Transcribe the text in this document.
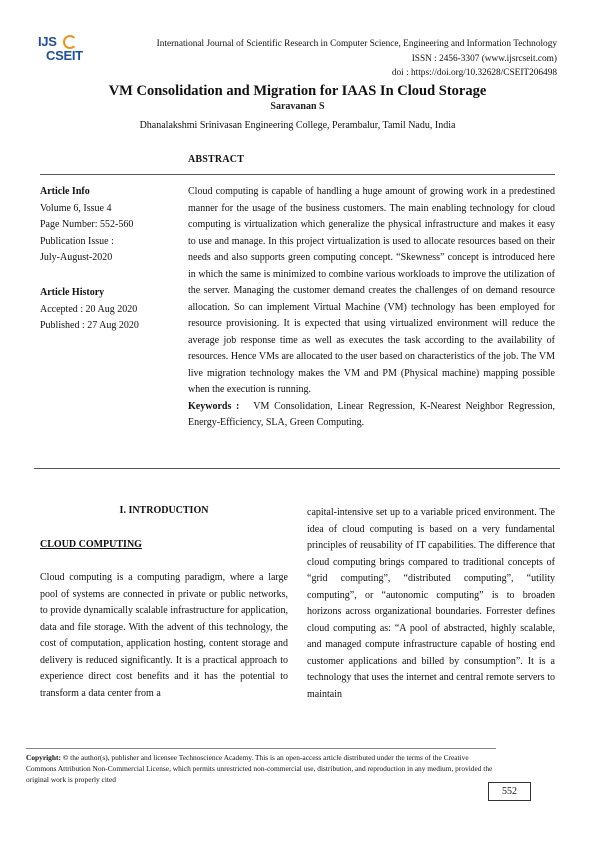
IJS
CSEIT
International Journal of Scientific Research in Computer Science, Engineering and Information Technology
ISSN : 2456-3307 (www.ijsrcseit.com)
doi : https://doi.org/10.32628/CSEIT206498
VM Consolidation and Migration for IAAS In Cloud Storage
Saravanan S
Dhanalakshmi Srinivasan Engineering College, Perambalur, Tamil Nadu, India
ABSTRACT
Article Info
Volume 6, Issue 4
Page Number: 552-560
Publication Issue :
July-August-2020
Article History
Accepted : 20 Aug 2020
Published : 27 Aug 2020

Cloud computing is capable of handling a huge amount of growing work in a predestined manner for the usage of the business customers. The main enabling technology for cloud computing is virtualization which generalize the physical infrastructure and makes it easy to use and manage. In this project virtualization is used to allocate resources based on their needs and also supports green computing concept. “Skewness” concept is introduced here in which the same is minimized to combine various workloads to improve the utilization of the server. Managing the customer demand creates the challenges of on demand resource allocation. So can implement Virtual Machine (VM) technology has been employed for resource provisioning. It is expected that using virtualized environment will reduce the average job response time as well as executes the task according to the availability of resources. Hence VMs are allocated to the user based on characteristics of the job. The VM live migration technology makes the VM and PM (Physical machine) mapping possible when the execution is running.

Keywords : VM Consolidation, Linear Regression, K-Nearest Neighbor Regression, Energy-Efficiency, SLA, Green Computing.

I. INTRODUCTION
CLOUD COMPUTING

Cloud computing is a computing paradigm, where a large pool of systems are connected in private or public networks, to provide dynamically scalable infrastructure for application, data and file storage. With the advent of this technology, the cost of computation, application hosting, content storage and delivery is reduced significantly. It is a practical approach to experience direct cost benefits and it has the potential to transform a data center from a

capital-intensive set up to a variable priced environment. The idea of cloud computing is based on a very fundamental principles of reusability of IT capabilities. The difference that cloud computing brings compared to traditional concepts of “grid computing”, “distributed computing”, “utility computing”, or “autonomic computing” is to broaden horizons across organizational boundaries. Forrester defines cloud computing as: “A pool of abstracted, highly scalable, and managed compute infrastructure capable of hosting end customer applications and billed by consumption”. It is a technology that uses the internet and central remote servers to maintain

Copyright: © the author(s), publisher and licensee Technoscience Academy. This is an open-access article distributed under the terms of the Creative Commons Attribution Non-Commercial License, which permits unrestricted non-commercial use, distribution, and reproduction in any medium, provided the original work is properly cited
552
